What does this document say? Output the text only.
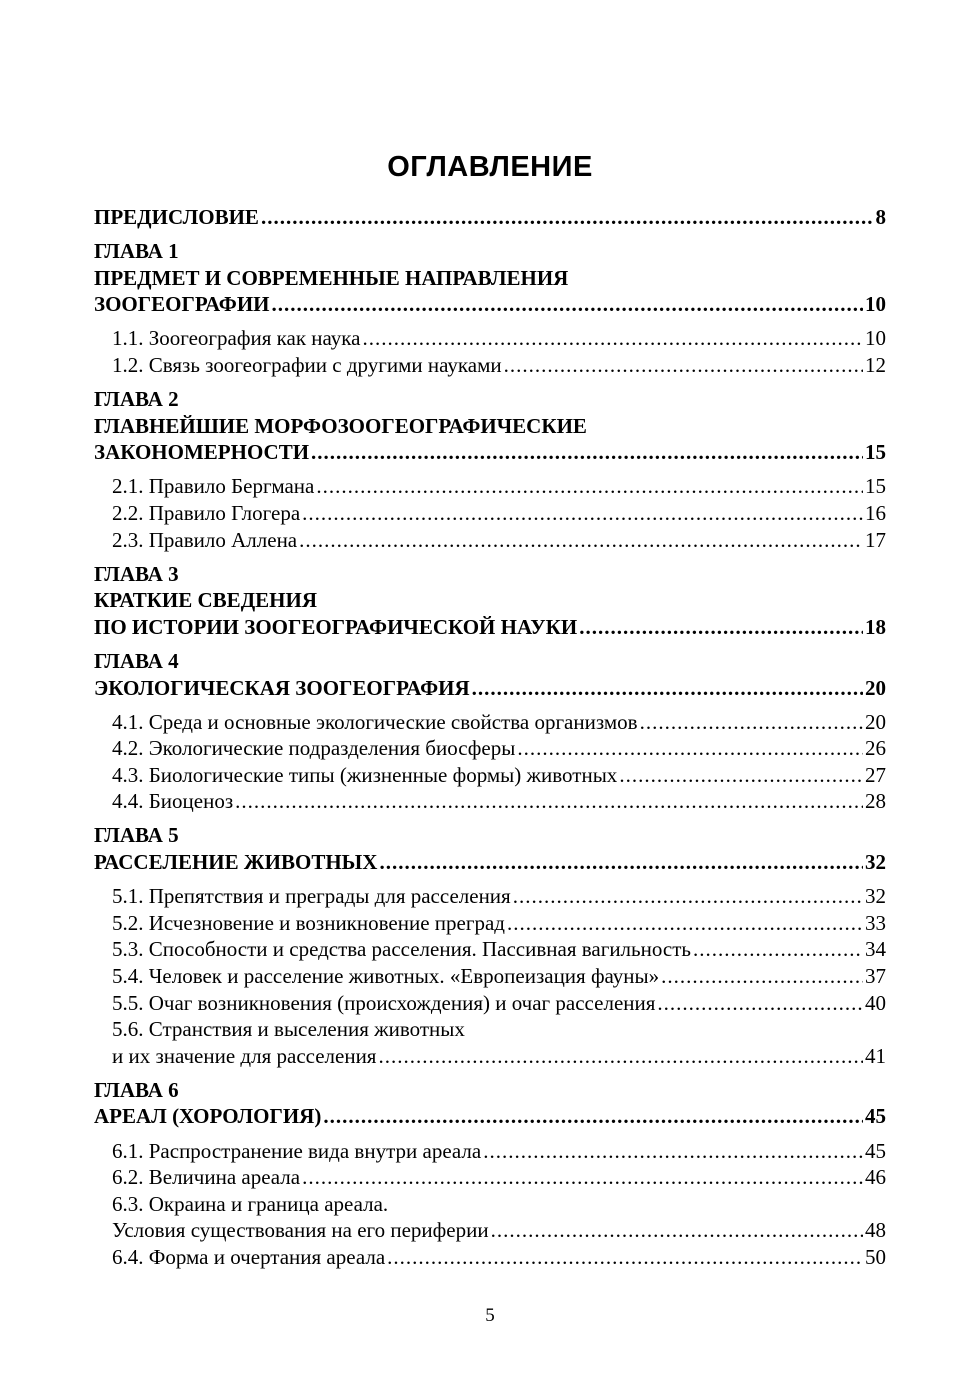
ОГЛАВЛЕНИЕ
ПРЕДИСЛОВИЕ .....	8
ГЛАВА 1
ПРЕДМЕТ И СОВРЕМЕННЫЕ НАПРАВЛЕНИЯ
ЗООГЕОГРАФИИ .....	10
1.1. Зоогеография как наука .....	10
1.2. Связь зоогеографии с другими науками .....	12
ГЛАВА 2
ГЛАВНЕЙШИЕ МОРФОЗООГЕОГРАФИЧЕСКИЕ
ЗАКОНОМЕРНОСТИ .....	15
2.1. Правило Бергмана .....	15
2.2. Правило Глогера .....	16
2.3. Правило Аллена .....	17
ГЛАВА 3
КРАТКИЕ СВЕДЕНИЯ
ПО ИСТОРИИ ЗООГЕОГРАФИЧЕСКОЙ НАУКИ .....	18
ГЛАВА 4
ЭКОЛОГИЧЕСКАЯ ЗООГЕОГРАФИЯ .....	20
4.1. Среда и основные экологические свойства организмов .....	20
4.2. Экологические подразделения биосферы .....	26
4.3. Биологические типы (жизненные формы) животных .....	27
4.4. Биоценоз .....	28
ГЛАВА 5
РАССЕЛЕНИЕ ЖИВОТНЫХ .....	32
5.1. Препятствия и преграды для расселения .....	32
5.2. Исчезновение и возникновение преград .....	33
5.3. Способности и средства расселения. Пассивная вагильность .....	34
5.4. Человек и расселение животных. «Европеизация фауны» .....	37
5.5. Очаг возникновения (происхождения) и очаг расселения .....	40
5.6. Странствия и выселения животных
и их значение для расселения .....	41
ГЛАВА 6
АРЕАЛ (ХОРОЛОГИЯ) .....	45
6.1. Распространение вида внутри ареала .....	45
6.2. Величина ареала .....	46
6.3. Окраина и граница ареала.
Условия существования на его периферии .....	48
6.4. Форма и очертания ареала .....	50
5
